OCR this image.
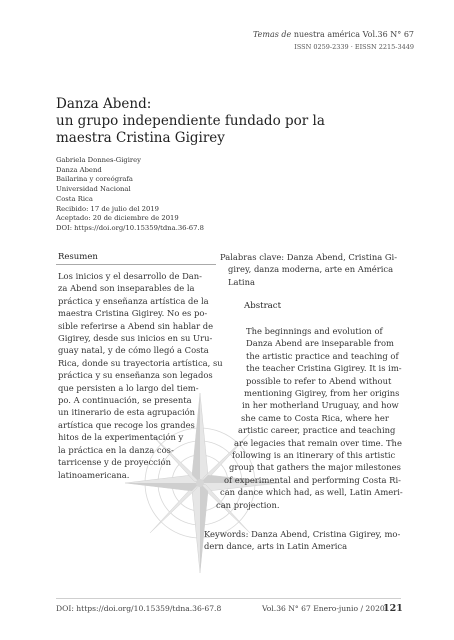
Temas de nuestra américa Vol.36 N° 67
ISSN 0259-2339 · EISSN 2215-3449
Danza Abend:
un grupo independiente fundado por la
maestra Cristina Gigirey
Gabriela Donnes-Gigirey
Danza Abend
Bailarina y coreógrafa
Universidad Nacional
Costa Rica
Recibido: 17 de julio del 2019
Aceptado: 20 de diciembre de 2019
DOI: https://doi.org/10.15359/tdna.36-67.8
Resumen
Los inicios y el desarrollo de Dan-
za Abend son inseparables de la
práctica y enseñanza artística de la
maestra Cristina Gigirey. No es po-
sible referirse a Abend sin hablar de
Gigirey, desde sus inicios en su Uru-
guay natal, y de cómo llegó a Costa
Rica, donde su trayectoria artística, su
práctica y su enseñanza son legados
que persisten a lo largo del tiem-
po. A continuación, se presenta
un itinerario de esta agrupación
artística que recoge los grandes
hitos de la experimentación y
la práctica en la danza cos-
tarricense y de proyección
latinoamericana.
Palabras clave: Danza Abend, Cristina Gi-
girey, danza moderna, arte en América
Latina
Abstract
The beginnings and evolution of
Danza Abend are inseparable from
the artistic practice and teaching of
the teacher Cristina Gigirey. It is im-
possible to refer to Abend without
mentioning Gigirey, from her origins
in her motherland Uruguay, and how
she came to Costa Rica, where her
artistic career, practice and teaching
are legacies that remain over time. The
following is an itinerary of this artistic
group that gathers the major milestones
of experimental and performing Costa Ri-
can dance which had, as well, Latin Ameri-
can projection.
Keywords: Danza Abend, Cristina Gigirey, mo-
dern dance, arts in Latin America
DOI: https://doi.org/10.15359/tdna.36-67.8	Vol.36 N° 67 Enero-junio / 2020
121
